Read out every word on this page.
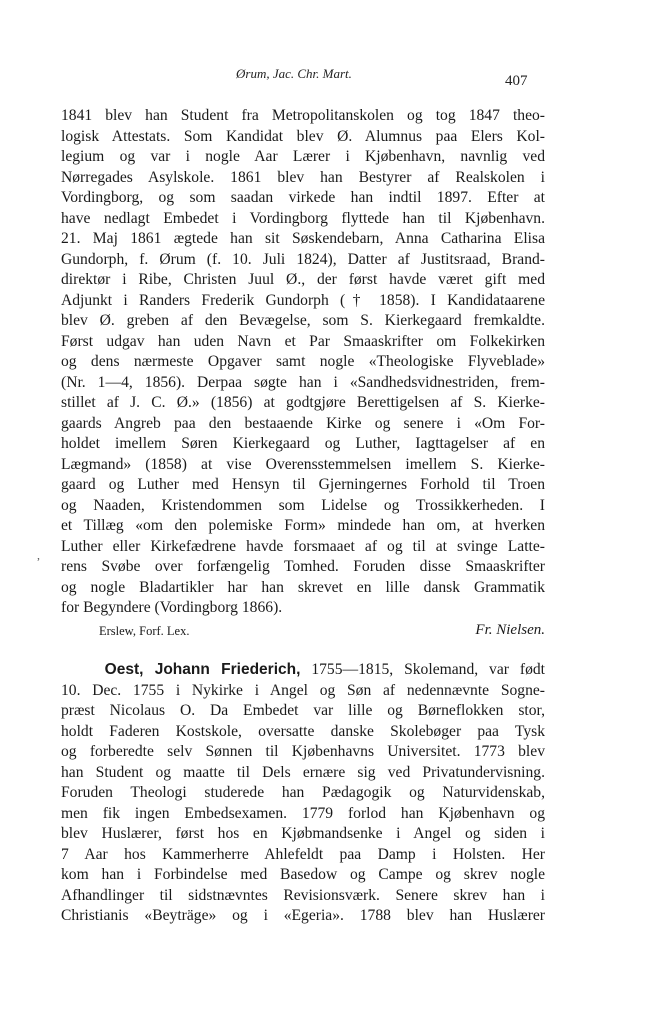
Ørum, Jac. Chr. Mart.	407
1841 blev han Student fra Metropolitanskolen og tog 1847 theo-
logisk Attestats. Som Kandidat blev Ø. Alumnus paa Elers Kol-
legium og var i nogle Aar Lærer i Kjøbenhavn, navnlig ved
Nørregades Asylskole. 1861 blev han Bestyrer af Realskolen i
Vordingborg, og som saadan virkede han indtil 1897. Efter at
have nedlagt Embedet i Vordingborg flyttede han til Kjøbenhavn.
21. Maj 1861 ægtede han sit Søskendebarn, Anna Catharina Elisa
Gundorph, f. Ørum (f. 10. Juli 1824), Datter af Justitsraad, Brand-
direktør i Ribe, Christen Juul Ø., der først havde været gift med
Adjunkt i Randers Frederik Gundorph († 1858). I Kandidataarene
blev Ø. greben af den Bevægelse, som S. Kierkegaard fremkaldte.
Først udgav han uden Navn et Par Smaaskrifter om Folkekirken
og dens nærmeste Opgaver samt nogle «Theologiske Flyveblade»
(Nr. 1—4, 1856). Derpaa søgte han i «Sandhedsvidnestriden, frem-
stillet af J. C. Ø.» (1856) at godtgjøre Berettigelsen af S. Kierke-
gaards Angreb paa den bestaaende Kirke og senere i «Om For-
holdet imellem Søren Kierkegaard og Luther, Iagttagelser af en
Lægmand» (1858) at vise Overensstemmelsen imellem S. Kierke-
gaard og Luther med Hensyn til Gjerningernes Forhold til Troen
og Naaden, Kristendommen som Lidelse og Trossikkerheden. I
et Tillæg «om den polemiske Form» mindede han om, at hverken
Luther eller Kirkefædrene havde forsmaaet af og til at svinge Latte-
rens Svøbe over forfængelig Tomhed. Foruden disse Smaaskrifter
og nogle Bladartikler har han skrevet en lille dansk Grammatik
for Begyndere (Vordingborg 1866).
,
Erslew, Forf. Lex.	Fr. Nielsen.
Oest, Johann Friederich, 1755—1815, Skolemand, var født
10. Dec. 1755 i Nykirke i Angel og Søn af nedennævnte Sogne-
præst Nicolaus O. Da Embedet var lille og Børneflokken stor,
holdt Faderen Kostskole, oversatte danske Skolebøger paa Tysk
og forberedte selv Sønnen til Kjøbenhavns Universitet. 1773 blev
han Student og maatte til Dels ernære sig ved Privatundervisning.
Foruden Theologi studerede han Pædagogik og Naturvidenskab,
men fik ingen Embedsexamen. 1779 forlod han Kjøbenhavn og
blev Huslærer, først hos en Kjøbmandsenke i Angel og siden i
7 Aar hos Kammerherre Ahlefeldt paa Damp i Holsten. Her
kom han i Forbindelse med Basedow og Campe og skrev nogle
Afhandlinger til sidstnævntes Revisionsværk. Senere skrev han i
Christianis «Beyträge» og i «Egeria». 1788 blev han Huslærer
